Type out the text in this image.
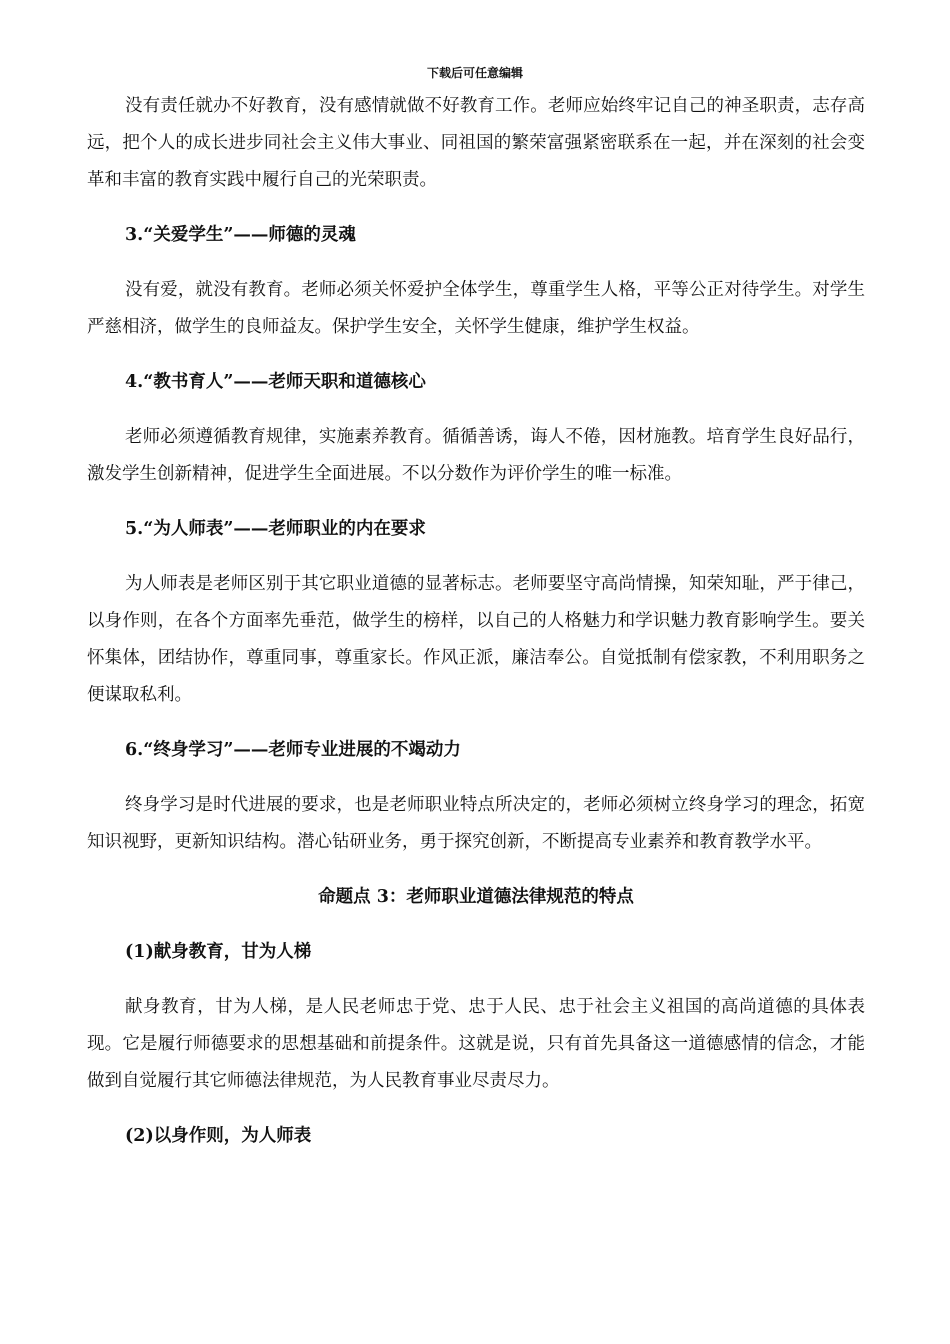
下载后可任意编辑

没有责任就办不好教育，没有感情就做不好教育工作。老师应始终牢记自己的神圣职责，志存高远，把个人的成长进步同社会主义伟大事业、同祖国的繁荣富强紧密联系在一起，并在深刻的社会变革和丰富的教育实践中履行自己的光荣职责。

3.“关爱学生”——师德的灵魂

没有爱，就没有教育。老师必须关怀爱护全体学生，尊重学生人格，平等公正对待学生。对学生严慈相济，做学生的良师益友。保护学生安全，关怀学生健康，维护学生权益。

4.“教书育人”——老师天职和道德核心

老师必须遵循教育规律，实施素养教育。循循善诱，诲人不倦，因材施教。培育学生良好品行，激发学生创新精神，促进学生全面进展。不以分数作为评价学生的唯一标准。

5.“为人师表”——老师职业的内在要求

为人师表是老师区别于其它职业道德的显著标志。老师要坚守高尚情操，知荣知耻，严于律己，以身作则，在各个方面率先垂范，做学生的榜样，以自己的人格魅力和学识魅力教育影响学生。要关怀集体，团结协作，尊重同事，尊重家长。作风正派，廉洁奉公。自觉抵制有偿家教，不利用职务之便谋取私利。

6.“终身学习”——老师专业进展的不竭动力

终身学习是时代进展的要求，也是老师职业特点所决定的，老师必须树立终身学习的理念，拓宽知识视野，更新知识结构。潜心钻研业务，勇于探究创新，不断提高专业素养和教育教学水平。

命题点 3：老师职业道德法律规范的特点

(1)献身教育，甘为人梯

献身教育，甘为人梯，是人民老师忠于党、忠于人民、忠于社会主义祖国的高尚道德的具体表现。它是履行师德要求的思想基础和前提条件。这就是说，只有首先具备这一道德感情的信念，才能做到自觉履行其它师德法律规范，为人民教育事业尽责尽力。

(2)以身作则，为人师表
